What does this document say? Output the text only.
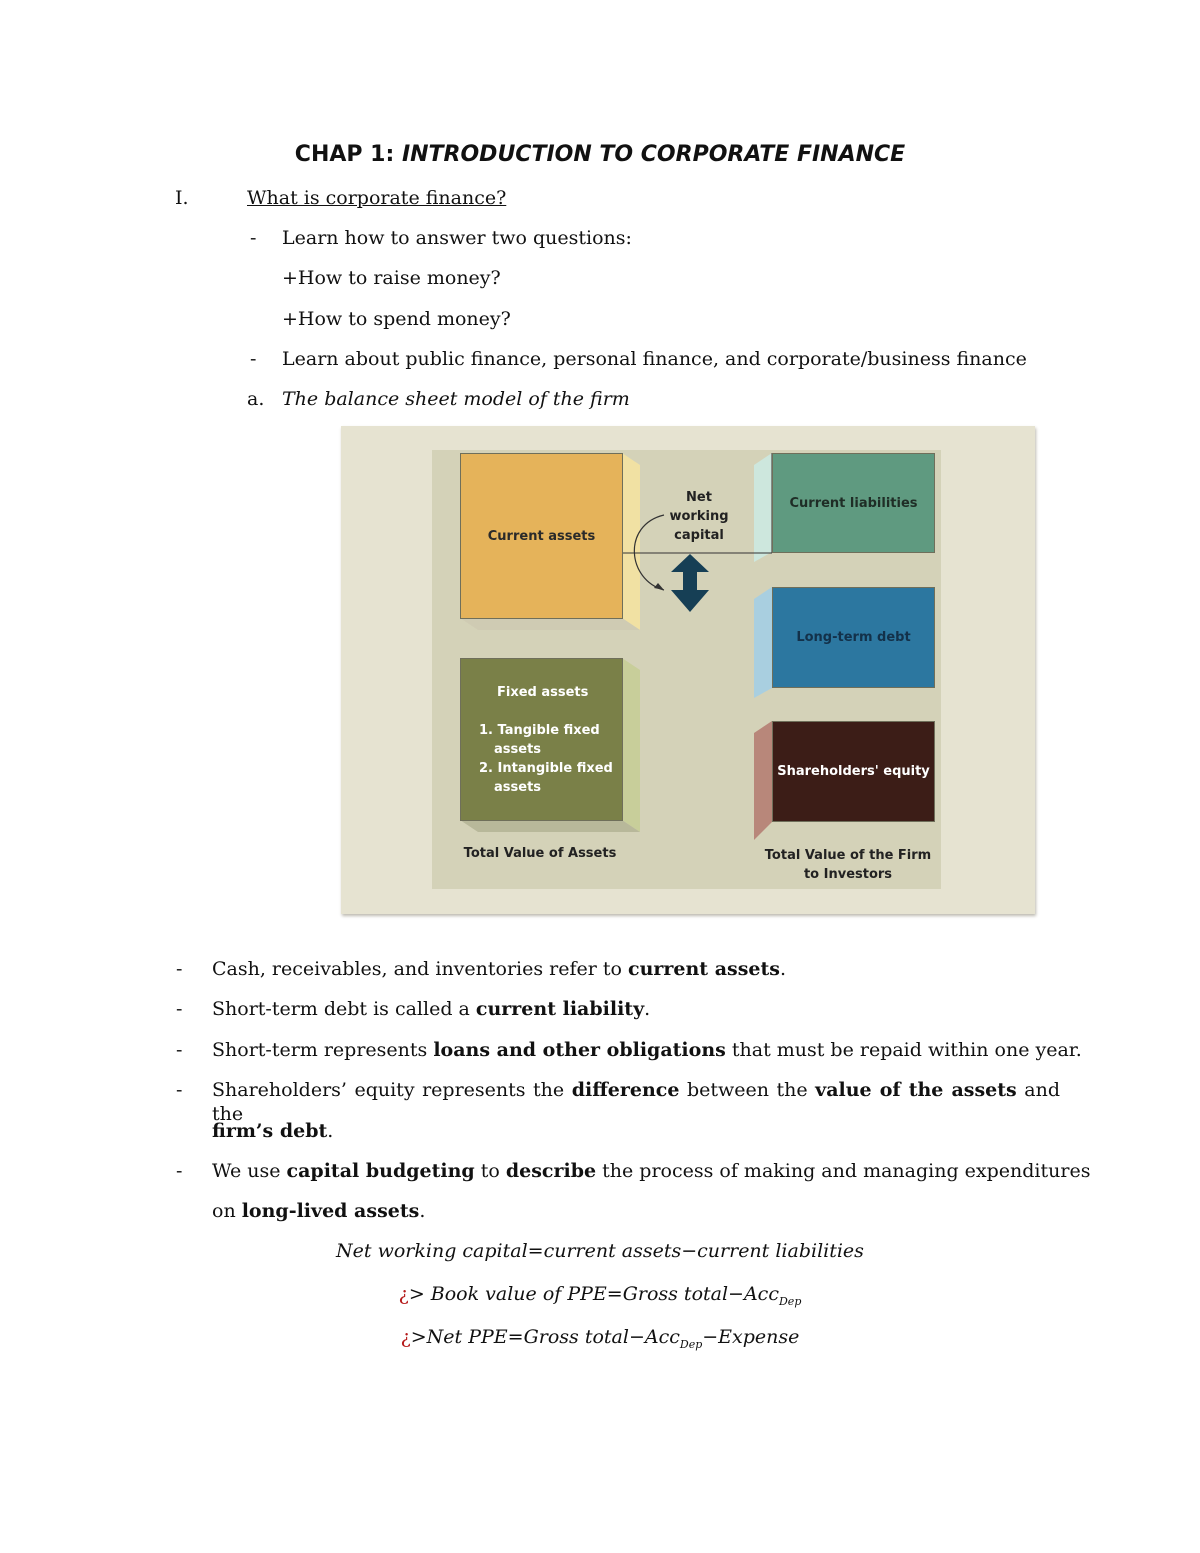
CHAP 1: INTRODUCTION TO CORPORATE FINANCE
I.	What is corporate finance?
- Learn how to answer two questions:
+How to raise money?
+How to spend money?
- Learn about public finance, personal finance, and corporate/business finance
a. The balance sheet model of the firm
Current assets
Net
working
capital
Current liabilities
Long-term debt
Fixed assets
1. Tangible fixed
assets
2. Intangible fixed
assets
Shareholders' equity
Total Value of Assets	Total Value of the Firm
to Investors
- Cash, receivables, and inventories refer to current assets.
- Short-term debt is called a current liability.
- Short-term represents loans and other obligations that must be repaid within one year.
- Shareholders’ equity represents the difference between the value of the assets and the
firm’s debt.
- We use capital budgeting to describe the process of making and managing expenditures
on long-lived assets.
Net working capital=current assets−current liabilities
¿> Book value of PPE=Gross total−Acc$_{Dep}$
¿>Net PPE=Gross total−Acc$_{Dep}$−Expense
